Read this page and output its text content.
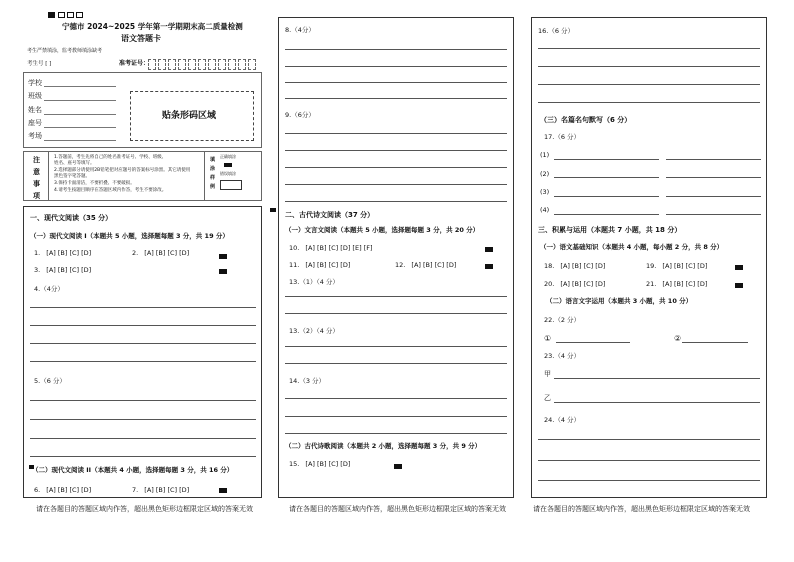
宁德市 2024~2025 学年第一学期期末高二质量检测
语文答题卡
考生严禁填涂，监考教师填涂缺考
考生号 [ ]	准考证号：
学校
班级
姓名
座号
考场
贴条形码区域
注
意
事
项
1.答题前，考生先将自己的姓名准考证号、学校、班级、
姓名、座号等填写。
2.选择题部分请使用2B铅笔把对应题号的答案标号涂黑。其它请使用
黑色签字笔答题。
3.保持卡面清洁，不要折叠、不要破损。
4.请考生按题目顺序在答题区域内作答，考生不要涂改。
填
涂
样
例
正确填涂
错误填涂
一、现代文阅读（35 分）
（一）现代文阅读 I（本题共 5 小题，选择题每题 3 分，共 19 分）
1. [A] [B] [C] [D]	2. [A] [B] [C] [D]
3. [A] [B] [C] [D]
4.（4分）
5.（6 分）
（二）现代文阅读 II（本题共 4 小题，选择题每题 3 分，共 16 分）
6. [A] [B] [C] [D]	7. [A] [B] [C] [D]
8.（4分）
9.（6分）
二、古代诗文阅读（37 分）
（一）文言文阅读（本题共 5 小题，选择题每题 3 分，共 20 分）
10. [A] [B] [C] [D] [E] [F]
11. [A] [B] [C] [D]	12. [A] [B] [C] [D]
13.（1）（4 分）
13.（2）（4 分）
14.（3 分）
（二）古代诗歌阅读（本题共 2 小题，选择题每题 3 分，共 9 分）
15. [A] [B] [C] [D]
16.（6 分）
（三）名篇名句默写（6 分）
17.（6 分）
(1)
(2)
(3)
(4)
三、积累与运用（本题共 7 小题，共 18 分）
（一）语文基础知识（本题共 4 小题，每小题 2 分，共 8 分）
18. [A] [B] [C] [D]	19. [A] [B] [C] [D]
20. [A] [B] [C] [D]	21. [A] [B] [C] [D]
（二）语言文字运用（本题共 3 小题，共 10 分）
22.（2 分）
①	②
23.（4 分）
甲
乙
24.（4 分）
请在各题目的答题区域内作答，超出黑色矩形边框限定区域的答案无效	请在各题目的答题区域内作答，超出黑色矩形边框限定区域的答案无效	请在各题目的答题区域内作答，超出黑色矩形边框限定区域的答案无效
